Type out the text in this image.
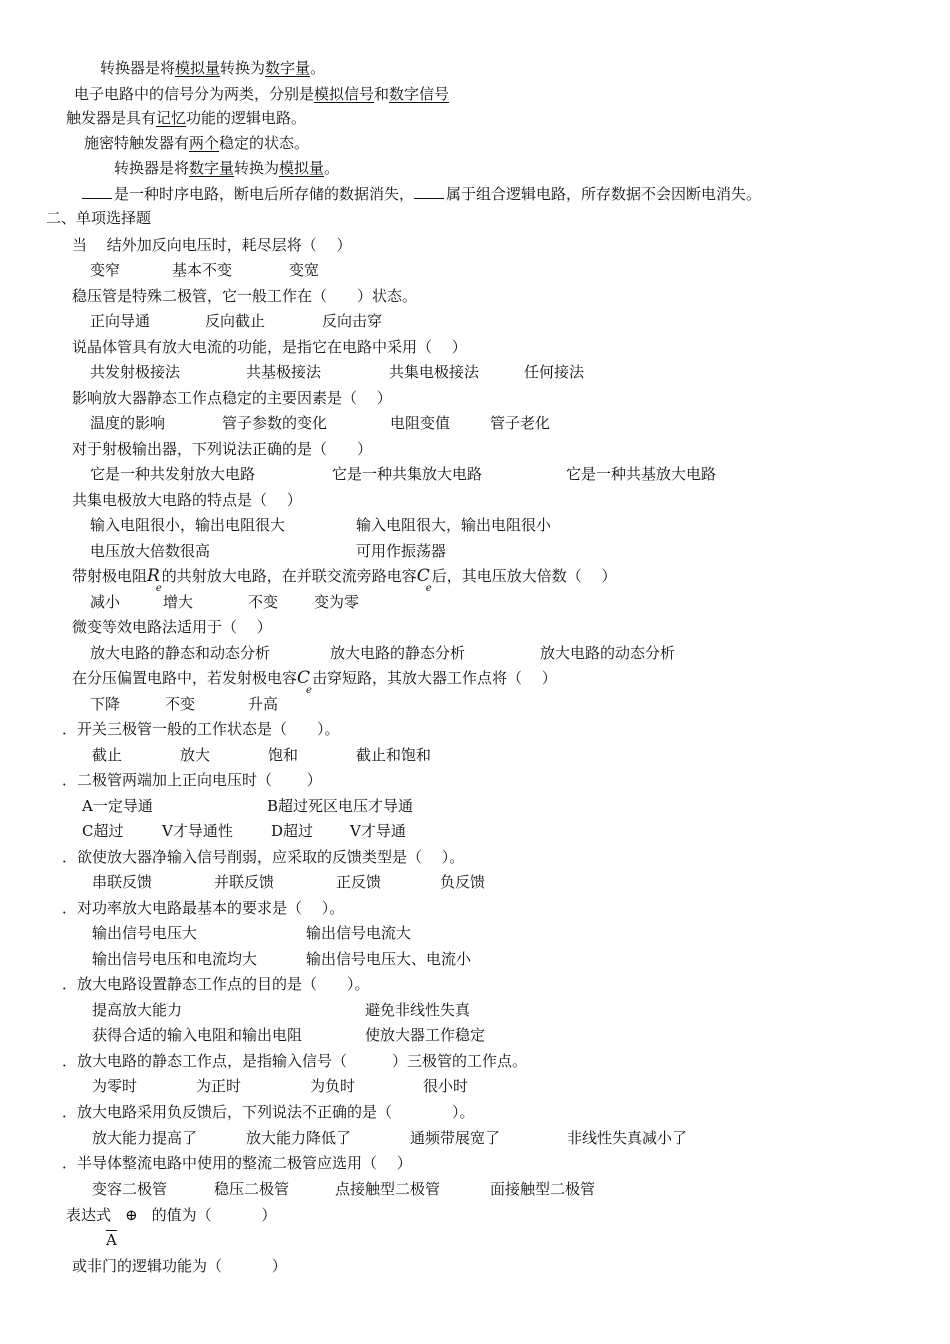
转换器是将模拟量转换为数字量。
电子电路中的信号分为两类，分别是模拟信号和数字信号
触发器是具有记忆功能的逻辑电路。
施密特触发器有两个稳定的状态。
转换器是将数字量转换为模拟量。
是一种时序电路，断电后所存储的数据消失， 属于组合逻辑电路，所存数据不会因断电消失。
二、单项选择题
当　 结外加反向电压时，耗尽层将（　 ）
变窄	基本不变	变宽
稳压管是特殊二极管，它一般工作在（　　）状态。
正向导通	反向截止	反向击穿
说晶体管具有放大电流的功能，是指它在电路中采用（　 ）
共发射极接法	共基极接法	共集电极接法	任何接法
影响放大器静态工作点稳定的主要因素是（　 ）
温度的影响	管子参数的变化	电阻变值	管子老化
对于射极输出器，下列说法正确的是（　　）
它是一种共发射放大电路	它是一种共集放大电路	它是一种共基放大电路
共集电极放大电路的特点是（　 ）
输入电阻很小，输出电阻很大	输入电阻很大，输出电阻很小
电压放大倍数很高	可用作振荡器
带射极电阻$R_e$的共射放大电路，在并联交流旁路电容$C_e$后，其电压放大倍数（　 ）
减小	增大	不变 变为零
微变等效电路法适用于（　 ）
放大电路的静态和动态分析	放大电路的静态分析	放大电路的动态分析
在分压偏置电路中，若发射极电容$C_e$击穿短路，其放大器工作点将（　 ）
下降	不变	升高
．开关三极管一般的工作状态是（　　）。
截止	放大	饱和	截止和饱和
．二极管两端加上正向电压时（　　 ）
A一定导通	B超过死区电压才导通
C超过	V才导通性	D超过 V才导通
．欲使放大器净输入信号削弱，应采取的反馈类型是（　 ）。
串联反馈	并联反馈	正反馈	负反馈
．对功率放大电路最基本的要求是（　 ）。
输出信号电压大	输出信号电流大
输出信号电压和电流均大	输出信号电压大、电流小
．放大电路设置静态工作点的目的是（　　）。
提高放大能力	避免非线性失真
获得合适的输入电阻和输出电阻	使放大器工作稳定
．放大电路的静态工作点，是指输入信号（　　　）三极管的工作点。
为零时	为正时	为负时	很小时
．放大电路采用负反馈后，下列说法不正确的是（　　　　）。
放大能力提高了	放大能力降低了	通频带展宽了	非线性失真减小了
．半导体整流电路中使用的整流二极管应选用（　 ）
变容二极管	稳压二极管	点接触型二极管	面接触型二极管
表达式 ⊕ 的值为（　　　 ）
$\overline{A}$
或非门的逻辑功能为（　　　 ）
